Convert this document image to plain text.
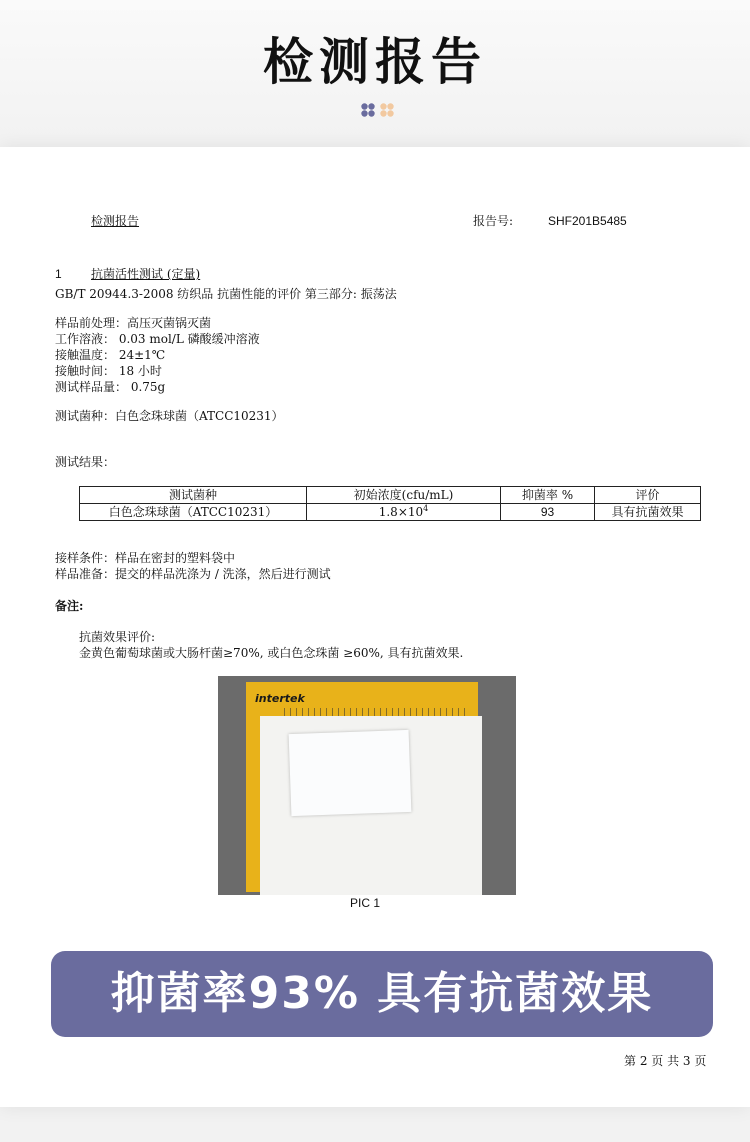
检测报告
检测报告	报告号:	SHF201B5485
1 抗菌活性测试 (定量)
GB/T 20944.3-2008 纺织品 抗菌性能的评价 第三部分: 振荡法
样品前处理：高压灭菌锅灭菌
工作溶液： 0.03 mol/L 磷酸缓冲溶液
接触温度： 24±1℃
接触时间： 18 小时
测试样品量： 0.75g
测试菌种：白色念珠球菌（ATCC10231）
测试结果：
测试菌种	初始浓度(cfu/mL)	抑菌率 %	评价
白色念珠球菌（ATCC10231）	$1.8\times 10^4$	93	具有抗菌效果
接样条件：样品在密封的塑料袋中
样品准备：提交的样品洗涤为 / 洗涤，然后进行测试
备注:
抗菌效果评价:
金黄色葡萄球菌或大肠杆菌≥70%, 或白色念珠菌 ≥60%, 具有抗菌效果.
intertek
PIC 1
抑菌率93% 具有抗菌效果
第 2 页 共 3 页
